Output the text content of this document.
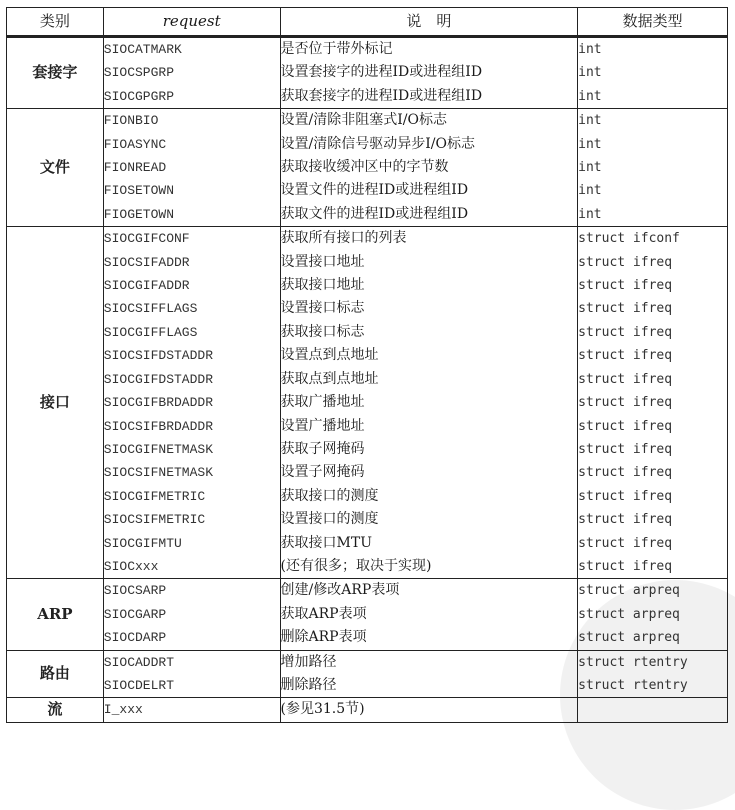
类别	request	说　明	数据类型
套接字	SIOCATMARK	是否位于带外标记	int
	SIOCSPGRP	设置套接字的进程ID或进程组ID	int
	SIOCGPGRP	获取套接字的进程ID或进程组ID	int
文件	FIONBIO	设置/清除非阻塞式I/O标志	int
	FIOASYNC	设置/清除信号驱动异步I/O标志	int
	FIONREAD	获取接收缓冲区中的字节数	int
	FIOSETOWN	设置文件的进程ID或进程组ID	int
	FIOGETOWN	获取文件的进程ID或进程组ID	int
接口	SIOCGIFCONF	获取所有接口的列表	struct ifconf
	SIOCSIFADDR	设置接口地址	struct ifreq
	SIOCGIFADDR	获取接口地址	struct ifreq
	SIOCSIFFLAGS	设置接口标志	struct ifreq
	SIOCGIFFLAGS	获取接口标志	struct ifreq
	SIOCSIFDSTADDR	设置点到点地址	struct ifreq
	SIOCGIFDSTADDR	获取点到点地址	struct ifreq
	SIOCGIFBRDADDR	获取广播地址	struct ifreq
	SIOCSIFBRDADDR	设置广播地址	struct ifreq
	SIOCGIFNETMASK	获取子网掩码	struct ifreq
	SIOCSIFNETMASK	设置子网掩码	struct ifreq
	SIOCGIFMETRIC	获取接口的测度	struct ifreq
	SIOCSIFMETRIC	设置接口的测度	struct ifreq
	SIOCGIFMTU	获取接口MTU	struct ifreq
	SIOCxxx	(还有很多；取决于实现)	struct ifreq
ARP	SIOCSARP	创建/修改ARP表项	struct arpreq
	SIOCGARP	获取ARP表项	struct arpreq
	SIOCDARP	删除ARP表项	struct arpreq
路由	SIOCADDRT	增加路径	struct rtentry
	SIOCDELRT	删除路径	struct rtentry
流	I_xxx	(参见31.5节)	
